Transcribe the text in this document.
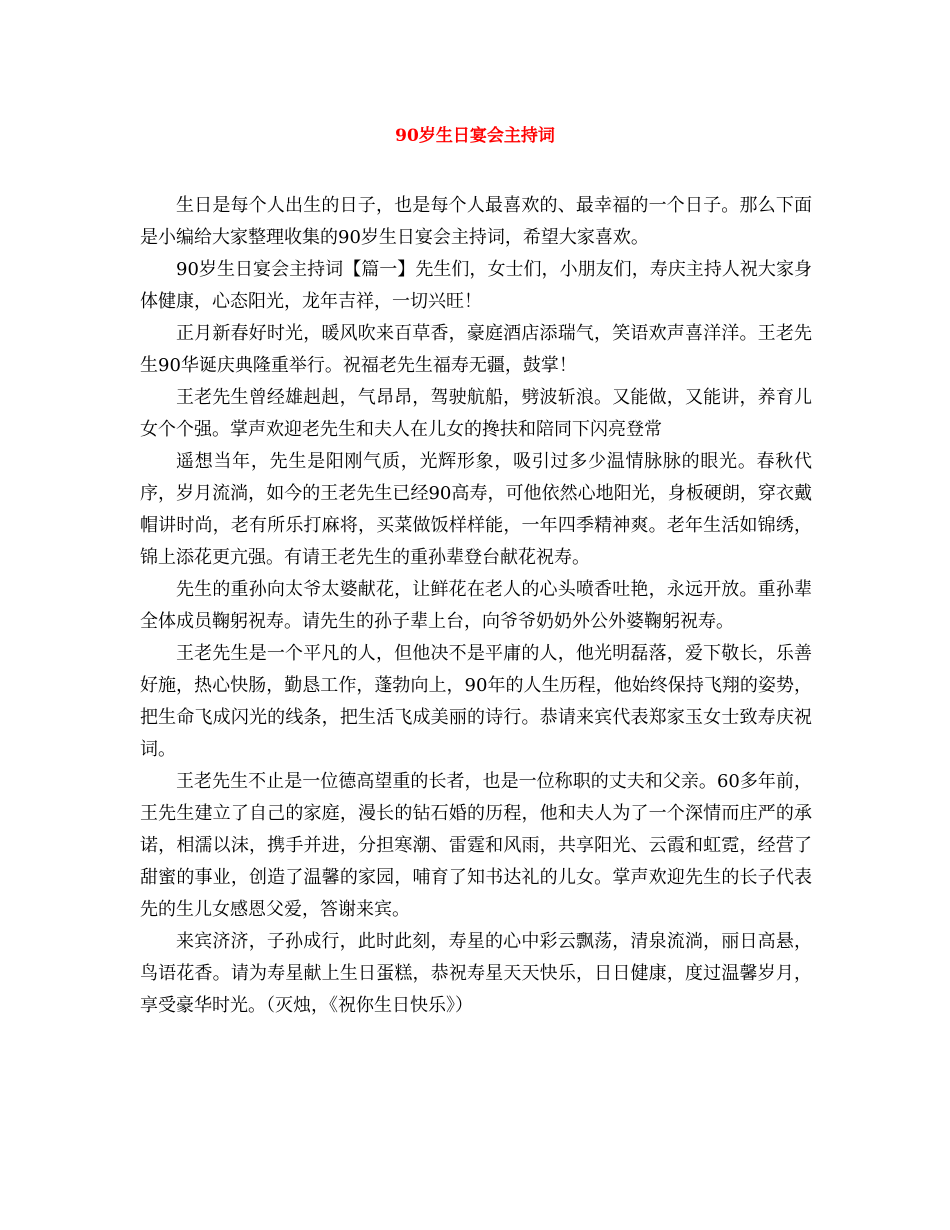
90岁生日宴会主持词

生日是每个人出生的日子，也是每个人最喜欢的、最幸福的一个日子。那么下面是小编给大家整理收集的90岁生日宴会主持词，希望大家喜欢。

90岁生日宴会主持词【篇一】先生们，女士们，小朋友们，寿庆主持人祝大家身体健康，心态阳光，龙年吉祥，一切兴旺！

正月新春好时光，暖风吹来百草香，豪庭酒店添瑞气，笑语欢声喜洋洋。王老先生90华诞庆典隆重举行。祝福老先生福寿无疆，鼓掌！

王老先生曾经雄赳赳，气昂昂，驾驶航船，劈波斩浪。又能做，又能讲，养育儿女个个强。掌声欢迎老先生和夫人在儿女的搀扶和陪同下闪亮登常

遥想当年，先生是阳刚气质，光辉形象，吸引过多少温情脉脉的眼光。春秋代序，岁月流淌，如今的王老先生已经90高寿，可他依然心地阳光，身板硬朗，穿衣戴帽讲时尚，老有所乐打麻将，买菜做饭样样能，一年四季精神爽。老年生活如锦绣，锦上添花更亢强。有请王老先生的重孙辈登台献花祝寿。

先生的重孙向太爷太婆献花，让鲜花在老人的心头喷香吐艳，永远开放。重孙辈全体成员鞠躬祝寿。请先生的孙子辈上台，向爷爷奶奶外公外婆鞠躬祝寿。

王老先生是一个平凡的人，但他决不是平庸的人，他光明磊落，爱下敬长，乐善好施，热心快肠，勤恳工作，蓬勃向上，90年的人生历程，他始终保持飞翔的姿势，把生命飞成闪光的线条，把生活飞成美丽的诗行。恭请来宾代表郑家玉女士致寿庆祝词。

王老先生不止是一位德高望重的长者，也是一位称职的丈夫和父亲。60多年前，王先生建立了自己的家庭，漫长的钻石婚的历程，他和夫人为了一个深情而庄严的承诺，相濡以沫，携手并进，分担寒潮、雷霆和风雨，共享阳光、云霞和虹霓，经营了甜蜜的事业，创造了温馨的家园，哺育了知书达礼的儿女。掌声欢迎先生的长子代表先的生儿女感恩父爱，答谢来宾。

来宾济济，子孙成行，此时此刻，寿星的心中彩云飘荡，清泉流淌，丽日高悬，鸟语花香。请为寿星献上生日蛋糕，恭祝寿星天天快乐，日日健康，度过温馨岁月，享受豪华时光。（灭烛，《祝你生日快乐》）
